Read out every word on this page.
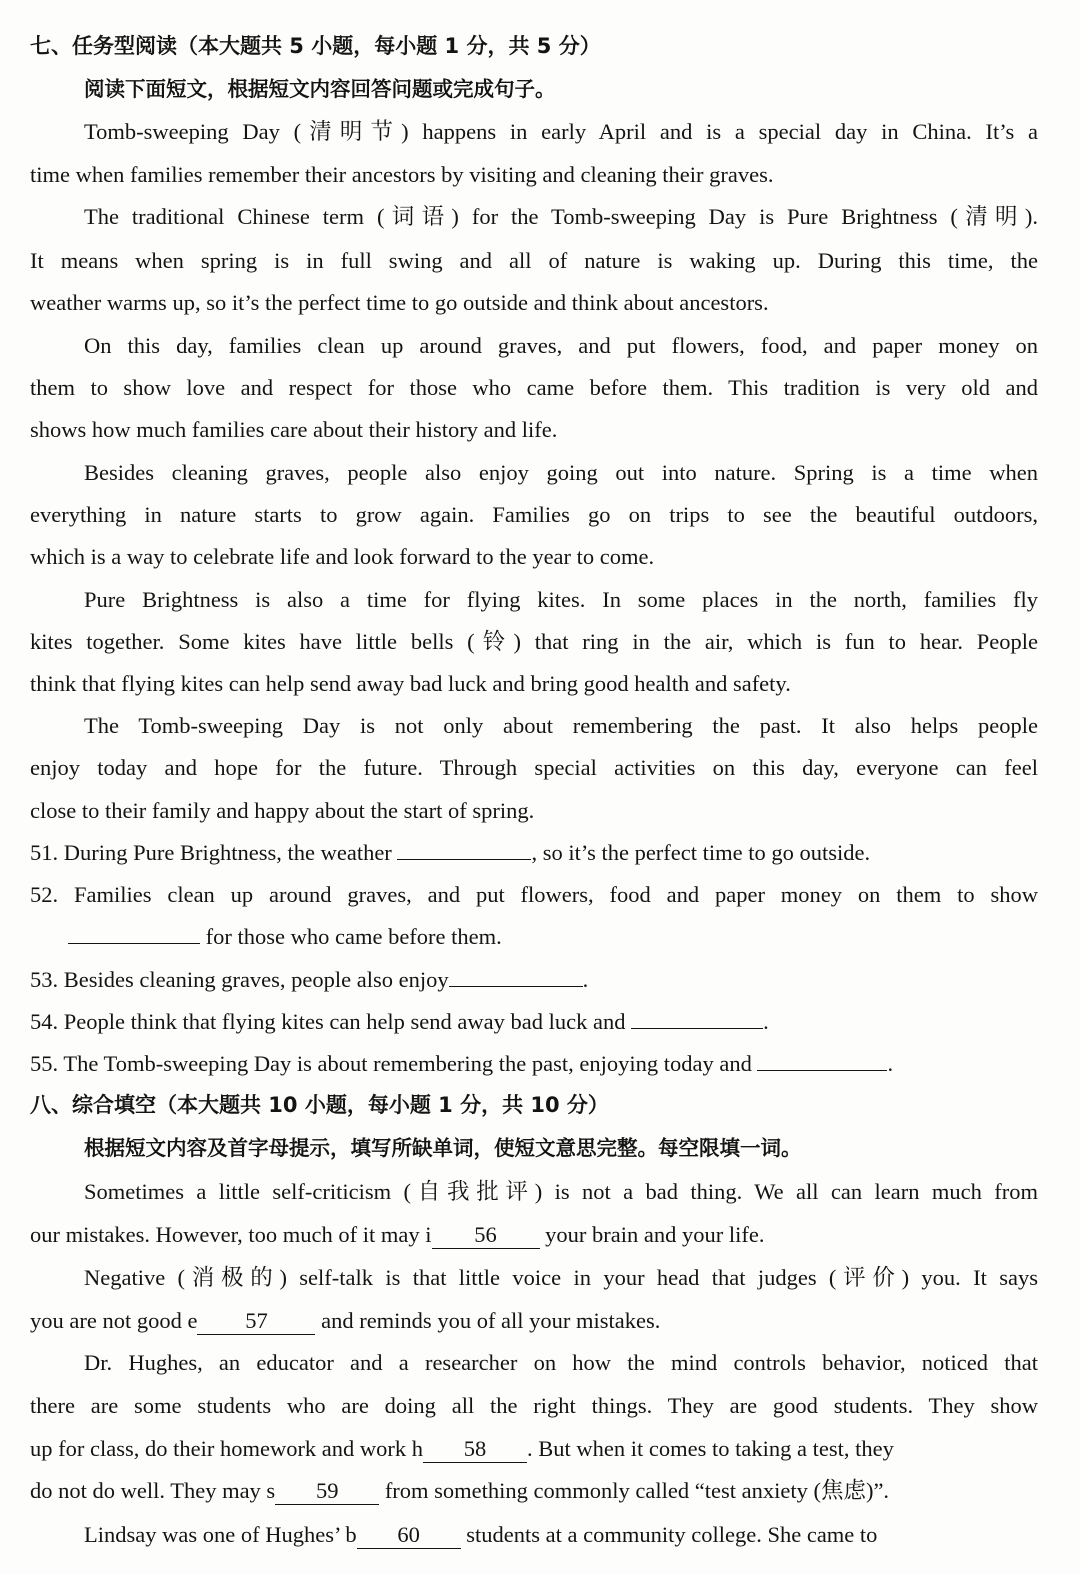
七、任务型阅读（本大题共 5 小题，每小题 1 分，共 5 分）
阅读下面短文，根据短文内容回答问题或完成句子。
Tomb-sweeping Day (清明节) happens in early April and is a special day in China. It’s a
time when families remember their ancestors by visiting and cleaning their graves.
The traditional Chinese term (词语) for the Tomb-sweeping Day is Pure Brightness (清明).
It means when spring is in full swing and all of nature is waking up. During this time, the
weather warms up, so it’s the perfect time to go outside and think about ancestors.
On this day, families clean up around graves, and put flowers, food, and paper money on
them to show love and respect for those who came before them. This tradition is very old and
shows how much families care about their history and life.
Besides cleaning graves, people also enjoy going out into nature. Spring is a time when
everything in nature starts to grow again. Families go on trips to see the beautiful outdoors,
which is a way to celebrate life and look forward to the year to come.
Pure Brightness is also a time for flying kites. In some places in the north, families fly
kites together. Some kites have little bells (铃) that ring in the air, which is fun to hear. People
think that flying kites can help send away bad luck and bring good health and safety.
The Tomb-sweeping Day is not only about remembering the past. It also helps people
enjoy today and hope for the future. Through special activities on this day, everyone can feel
close to their family and happy about the start of spring.
51. During Pure Brightness, the weather	, so it’s the perfect time to go outside.
52. Families clean up around graves, and put flowers, food and paper money on them to show
for those who came before them.
53. Besides cleaning graves, people also enjoy	.
54. People think that flying kites can help send away bad luck and	.
55. The Tomb-sweeping Day is about remembering the past, enjoying today and	.
八、综合填空（本大题共 10 小题，每小题 1 分，共 10 分）
根据短文内容及首字母提示，填写所缺单词，使短文意思完整。每空限填一词。
Sometimes a little self-criticism (自我批评) is not a bad thing. We all can learn much from
our mistakes. However, too much of it may i 56 your brain and your life.
Negative (消极的) self-talk is that little voice in your head that judges (评价) you. It says
you are not good e 57 and reminds you of all your mistakes.
Dr. Hughes, an educator and a researcher on how the mind controls behavior, noticed that
there are some students who are doing all the right things. They are good students. They show
up for class, do their homework and work h 58 . But when it comes to taking a test, they
do not do well. They may s 59 from something commonly called “test anxiety (焦虑)”.
Lindsay was one of Hughes’ b 60 students at a community college. She came to
